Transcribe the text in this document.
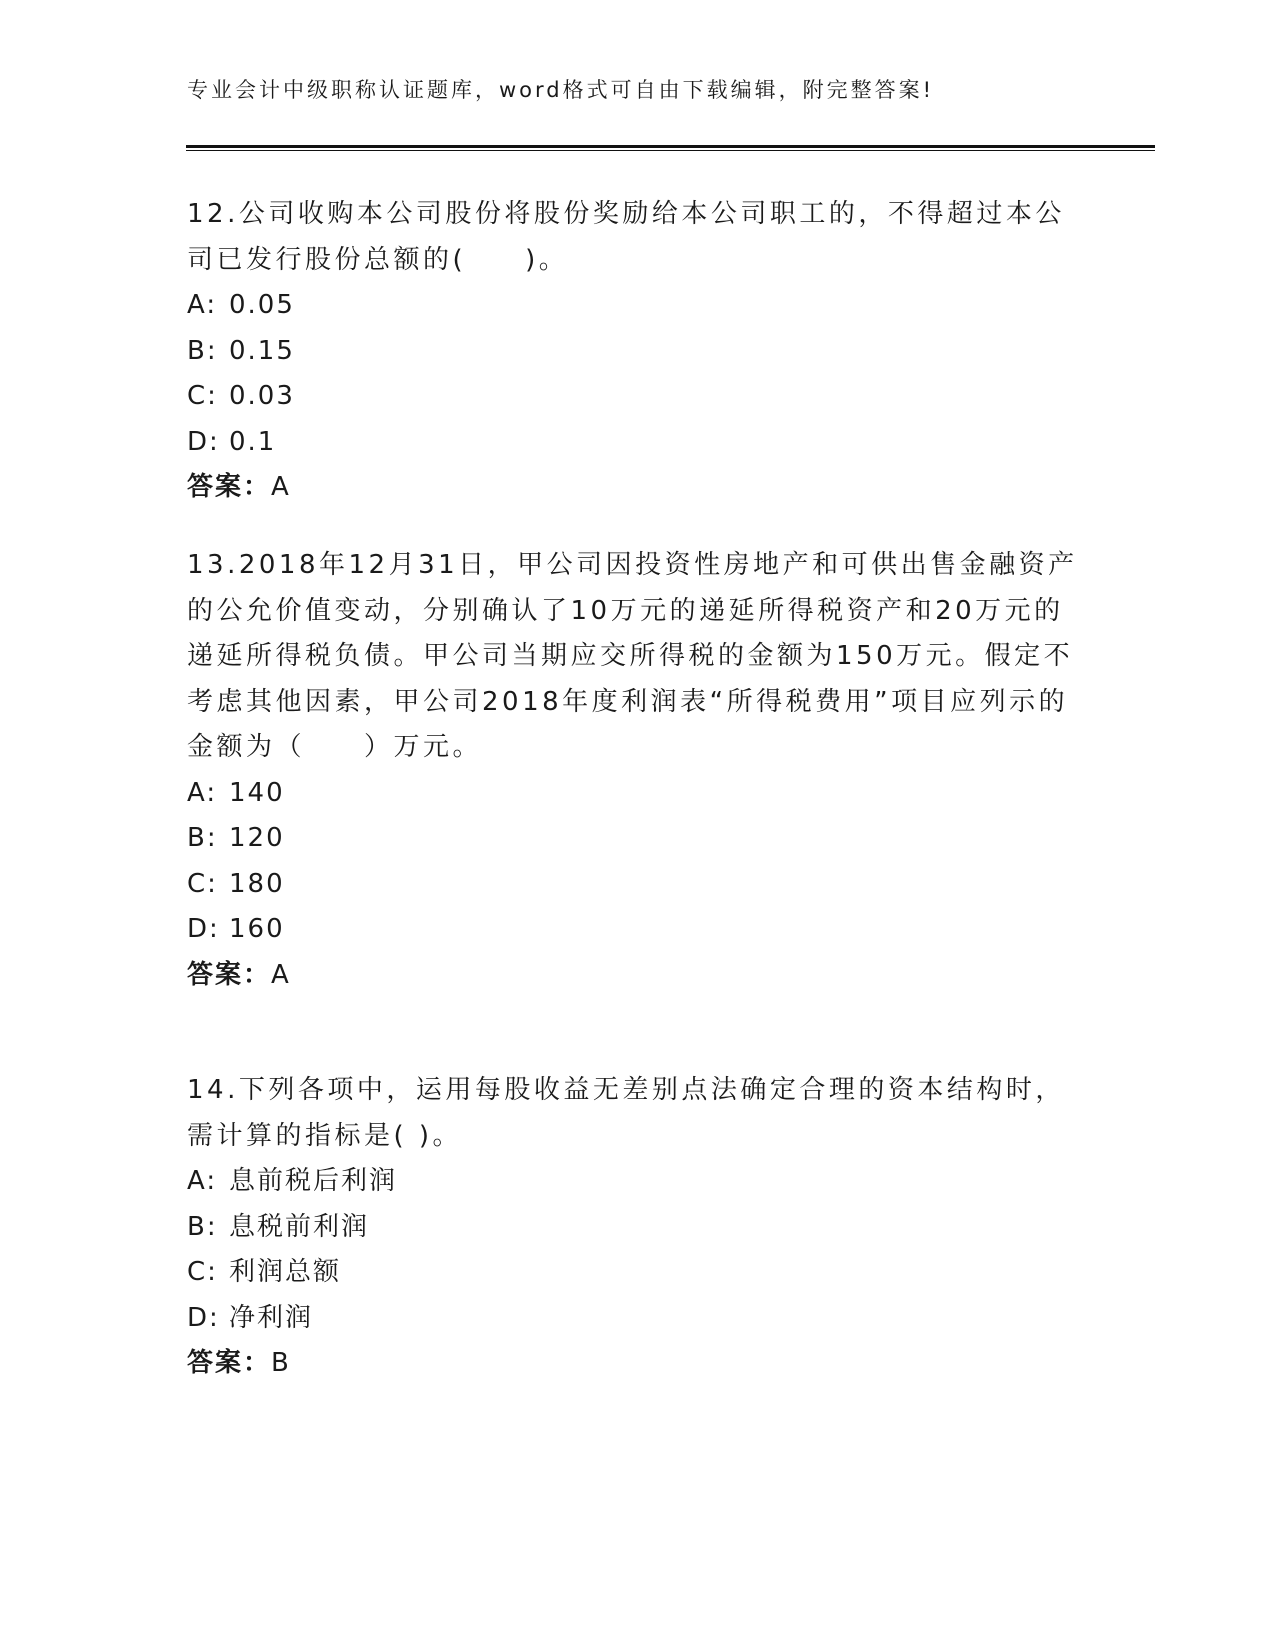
专业会计中级职称认证题库，word格式可自由下载编辑，附完整答案!

12.公司收购本公司股份将股份奖励给本公司职工的，不得超过本公司已发行股份总额的(　　)。

A: 0.05
B: 0.15
C: 0.03
D: 0.1
答案：A

13.2018年12月31日，甲公司因投资性房地产和可供出售金融资产的公允价值变动，分别确认了10万元的递延所得税资产和20万元的递延所得税负债。甲公司当期应交所得税的金额为150万元。假定不考虑其他因素，甲公司2018年度利润表“所得税费用”项目应列示的金额为（　　）万元。

A: 140
B: 120
C: 180
D: 160
答案：A

14.下列各项中，运用每股收益无差别点法确定合理的资本结构时，需计算的指标是( )。

A: 息前税后利润
B: 息税前利润
C: 利润总额
D: 净利润
答案：B
